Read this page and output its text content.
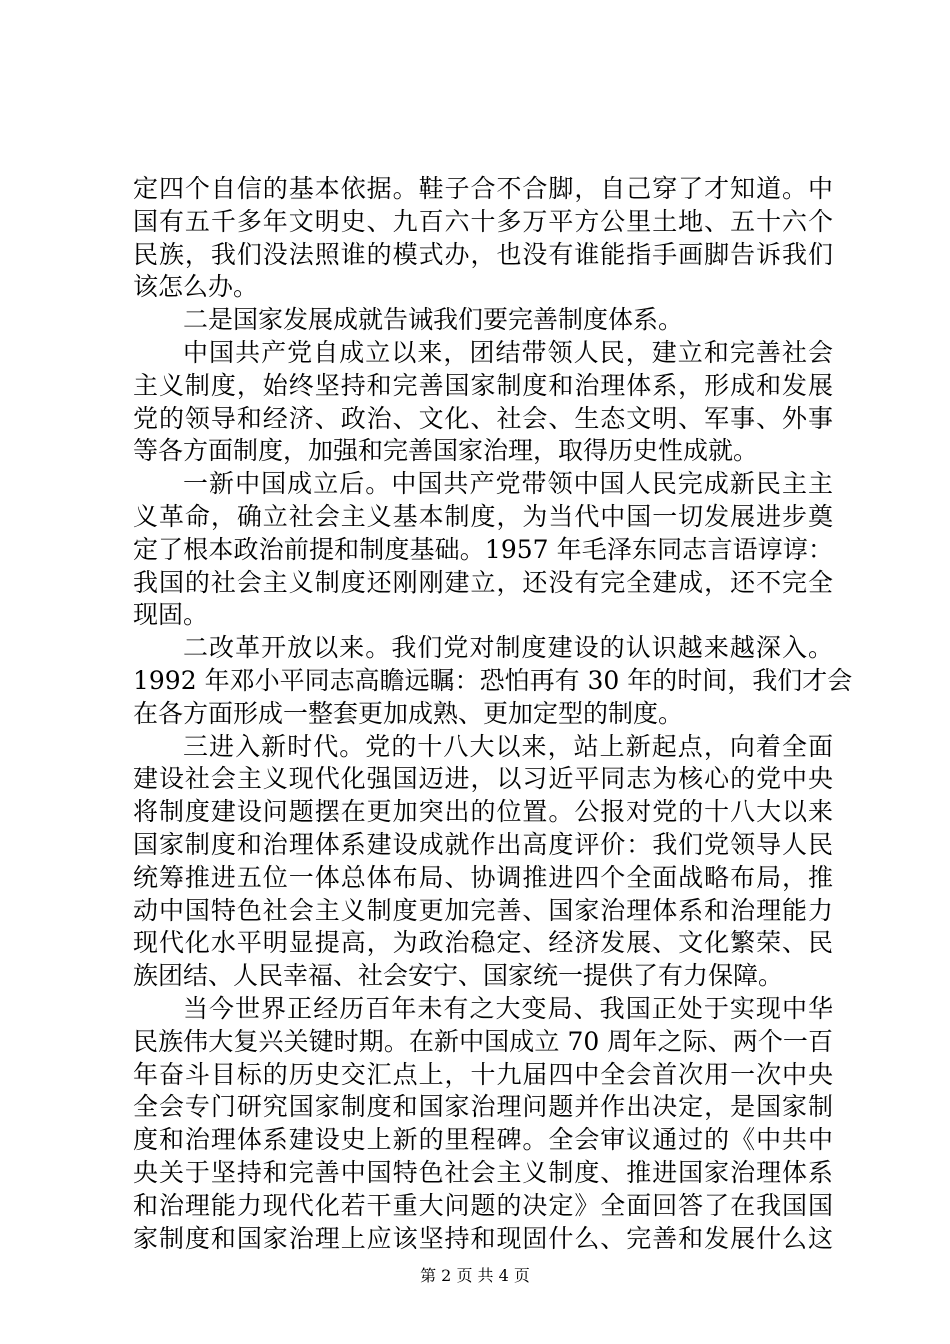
定四个自信的基本依据。鞋子合不合脚，自己穿了才知道。中
国有五千多年文明史、九百六十多万平方公里土地、五十六个
民族，我们没法照谁的模式办，也没有谁能指手画脚告诉我们
该怎么办。
二是国家发展成就告诫我们要完善制度体系。
中国共产党自成立以来，团结带领人民，建立和完善社会
主义制度，始终坚持和完善国家制度和治理体系，形成和发展
党的领导和经济、政治、文化、社会、生态文明、军事、外事
等各方面制度，加强和完善国家治理，取得历史性成就。
一新中国成立后。中国共产党带领中国人民完成新民主主
义革命，确立社会主义基本制度，为当代中国一切发展进步奠
定了根本政治前提和制度基础。1957 年毛泽东同志言语谆谆：
我国的社会主义制度还刚刚建立，还没有完全建成，还不完全
现固。
二改革开放以来。我们党对制度建设的认识越来越深入。
1992 年邓小平同志高瞻远瞩：恐怕再有 30 年的时间，我们才会
在各方面形成一整套更加成熟、更加定型的制度。
三进入新时代。党的十八大以来，站上新起点，向着全面
建设社会主义现代化强国迈进，以习近平同志为核心的党中央
将制度建设问题摆在更加突出的位置。公报对党的十八大以来
国家制度和治理体系建设成就作出高度评价：我们党领导人民
统筹推进五位一体总体布局、协调推进四个全面战略布局，推
动中国特色社会主义制度更加完善、国家治理体系和治理能力
现代化水平明显提高，为政治稳定、经济发展、文化繁荣、民
族团结、人民幸福、社会安宁、国家统一提供了有力保障。
当今世界正经历百年未有之大变局、我国正处于实现中华
民族伟大复兴关键时期。在新中国成立 70 周年之际、两个一百
年奋斗目标的历史交汇点上，十九届四中全会首次用一次中央
全会专门研究国家制度和国家治理问题并作出决定，是国家制
度和治理体系建设史上新的里程碑。全会审议通过的《中共中
央关于坚持和完善中国特色社会主义制度、推进国家治理体系
和治理能力现代化若干重大问题的决定》全面回答了在我国国
家制度和国家治理上应该坚持和现固什么、完善和发展什么这
第 2 页 共 4 页
